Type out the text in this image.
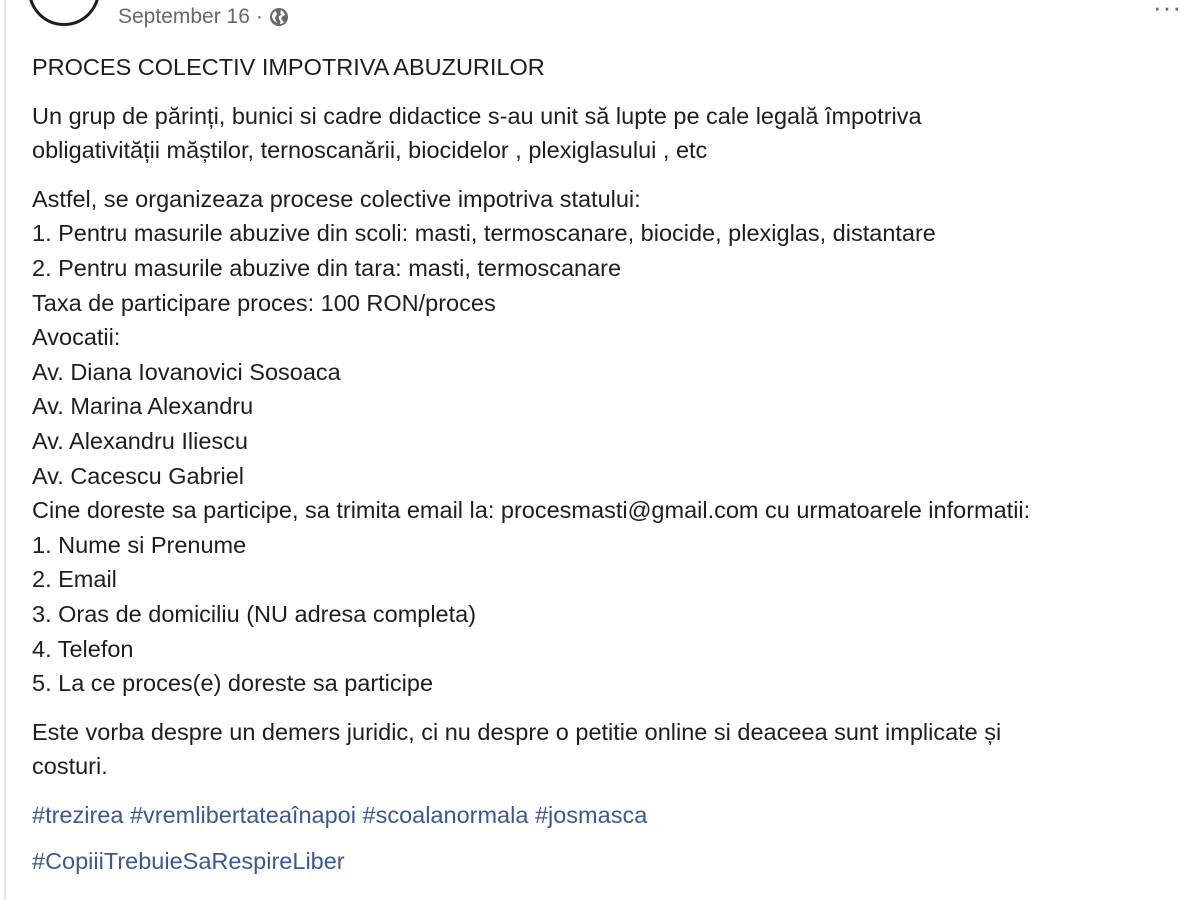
September 16 ·	···

PROCES COLECTIV IMPOTRIVA ABUZURILOR

Un grup de părinți, bunici si cadre didactice s-au unit să lupte pe cale legală împotriva
obligativității măștilor, ternoscanării, biocidelor , plexiglasului , etc

Astfel, se organizeaza procese colective impotriva statului:
1. Pentru masurile abuzive din scoli: masti, termoscanare, biocide, plexiglas, distantare
2. Pentru masurile abuzive din tara: masti, termoscanare
Taxa de participare proces: 100 RON/proces
Avocatii:
Av. Diana Iovanovici Sosoaca
Av. Marina Alexandru
Av. Alexandru Iliescu
Av. Cacescu Gabriel
Cine doreste sa participe, sa trimita email la: procesmasti@gmail.com cu urmatoarele informatii:
1. Nume si Prenume
2. Email
3. Oras de domiciliu (NU adresa completa)
4. Telefon
5. La ce proces(e) doreste sa participe

Este vorba despre un demers juridic, ci nu despre o petitie online si deaceea sunt implicate și
costuri.

#trezirea #vremlibertateaînapoi #scoalanormala #josmasca
#CopiiiTrebuieSaRespireLiber
